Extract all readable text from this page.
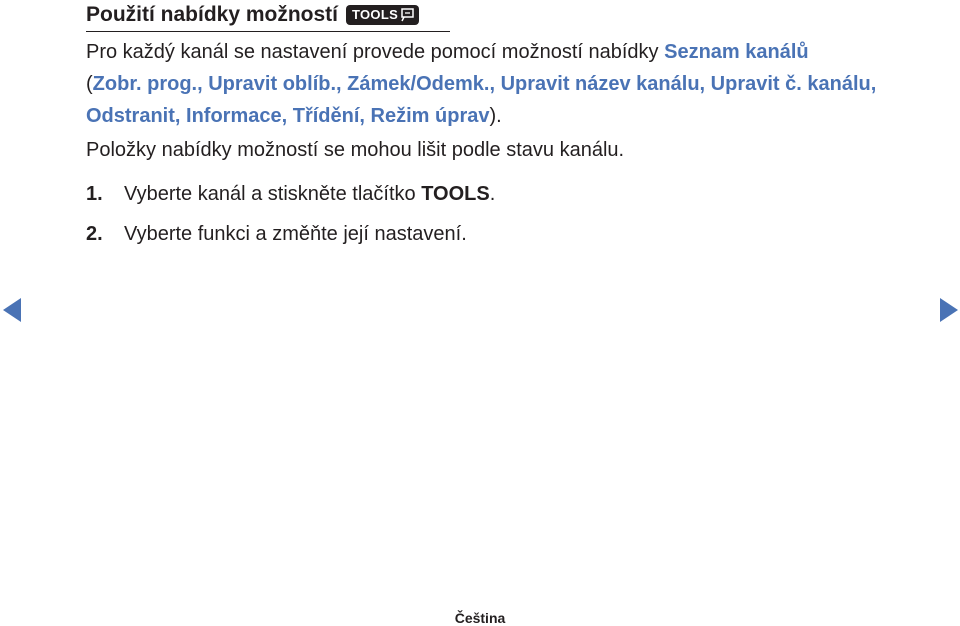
Použití nabídky možností TOOLS
Pro každý kanál se nastavení provede pomocí možností nabídky Seznam kanálů
(Zobr. prog., Upravit oblíb., Zámek/Odemk., Upravit název kanálu, Upravit č. kanálu, Odstranit, Informace, Třídění, Režim úprav).
Položky nabídky možností se mohou lišit podle stavu kanálu.
1.	Vyberte kanál a stiskněte tlačítko TOOLS.
2.	Vyberte funkci a změňte její nastavení.
Čeština
